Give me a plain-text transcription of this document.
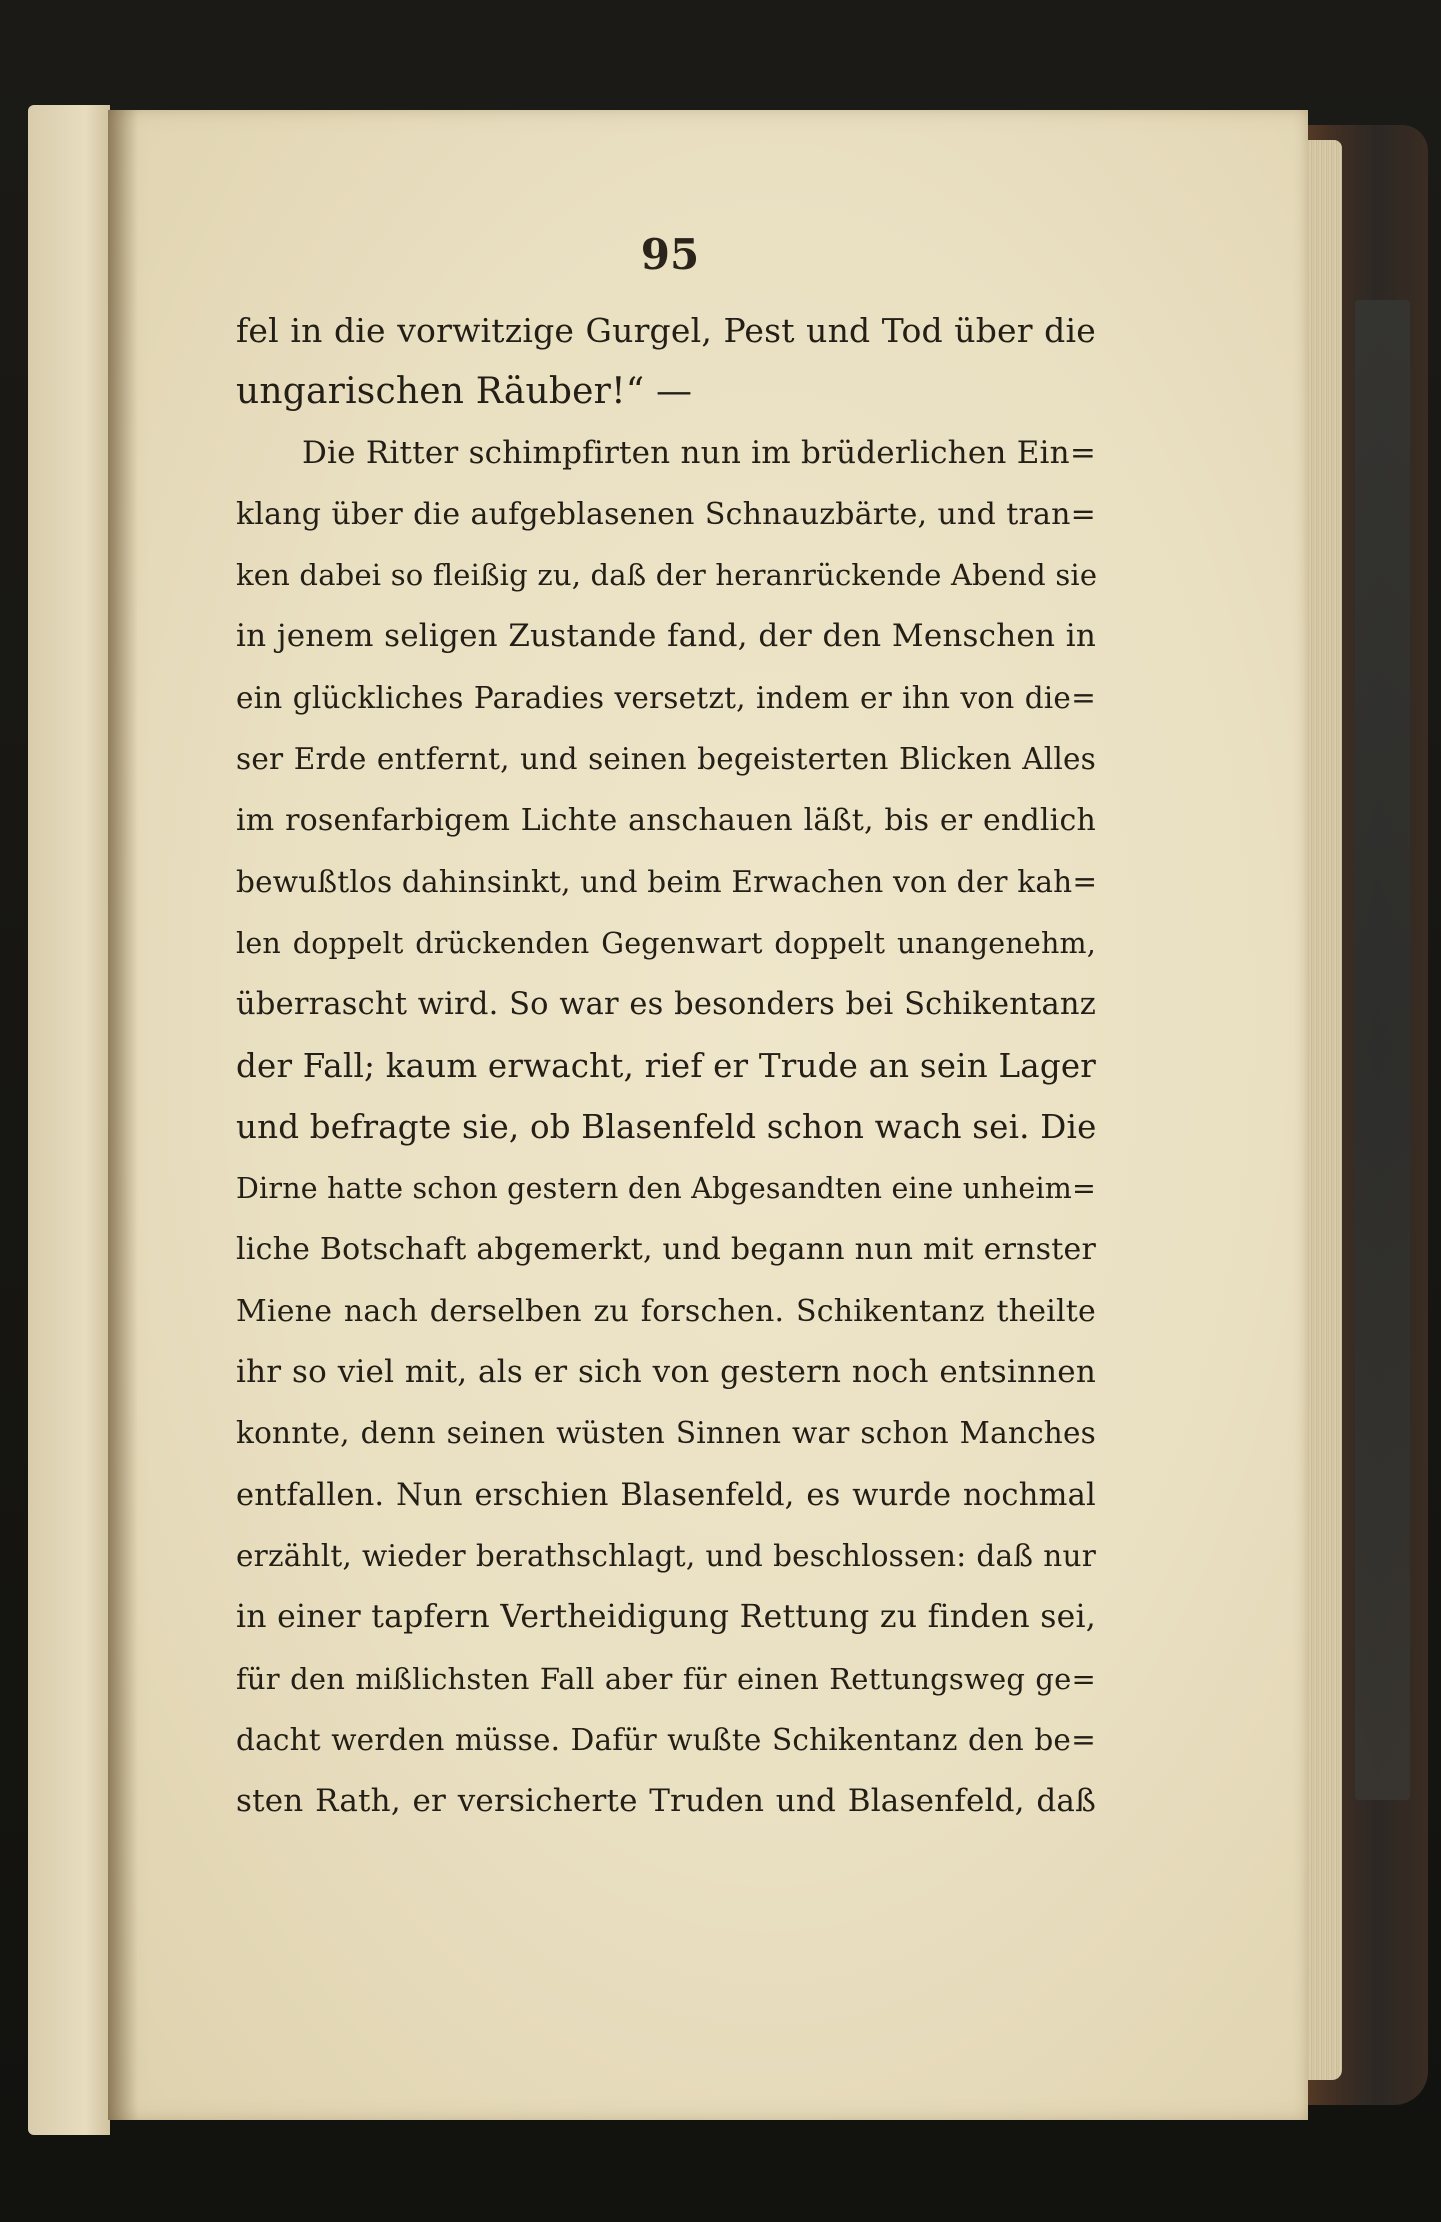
95
fel in die vorwitzige Gurgel, Pest und Tod über die
ungarischen Räuber!“ —
Die Ritter schimpfirten nun im brüderlichen Ein=
klang über die aufgeblasenen Schnauzbärte, und tran=
ken dabei so fleißig zu, daß der heranrückende Abend sie
in jenem seligen Zustande fand, der den Menschen in
ein glückliches Paradies versetzt, indem er ihn von die=
ser Erde entfernt, und seinen begeisterten Blicken Alles
im rosenfarbigem Lichte anschauen läßt, bis er endlich
bewußtlos dahinsinkt, und beim Erwachen von der kah=
len doppelt drückenden Gegenwart doppelt unangenehm,
überrascht wird. So war es besonders bei Schikentanz
der Fall; kaum erwacht, rief er Trude an sein Lager
und befragte sie, ob Blasenfeld schon wach sei. Die
Dirne hatte schon gestern den Abgesandten eine unheim=
liche Botschaft abgemerkt, und begann nun mit ernster
Miene nach derselben zu forschen. Schikentanz theilte
ihr so viel mit, als er sich von gestern noch entsinnen
konnte, denn seinen wüsten Sinnen war schon Manches
entfallen. Nun erschien Blasenfeld, es wurde nochmal
erzählt, wieder berathschlagt, und beschlossen: daß nur
in einer tapfern Vertheidigung Rettung zu finden sei,
für den mißlichsten Fall aber für einen Rettungsweg ge=
dacht werden müsse. Dafür wußte Schikentanz den be=
sten Rath, er versicherte Truden und Blasenfeld, daß
